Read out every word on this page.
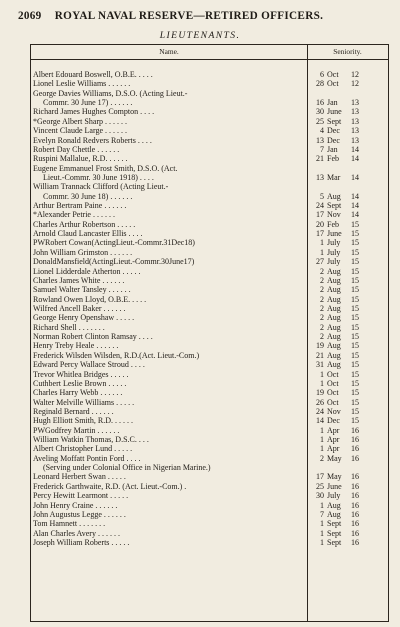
2069 ROYAL NAVAL RESERVE—RETIRED OFFICERS.
LIEUTENANTS.
Name.	Seniority.
Albert Edouard Boswell, O.B.E. . . . .	6 Oct 12
Lionel Leslie Williams . . . . . .	28 Oct 12
George Davies Williams, D.S.O. (Acting Lieut.-
Commr. 30 June 17) . . . . . .	16 Jan 13
Richard James Hughes Compton . . . .	30 June 13
*George Albert Sharp . . . . . .	25 Sept 13
Vincent Claude Large . . . . . .	4 Dec 13
Evelyn Ronald Redvers Roberts . . . .	13 Dec 13
Robert Day Chettle . . . . . .	7 Jan 14
Ruspini Mallalue, R.D. . . . . .	21 Feb 14
Eugene Emmanuel Frost Smith, D.S.O. (Act.
Lieut.-Commr. 30 June 1918) . . . .	13 Mar 14
William Trannack Clifford (Acting Lieut.-
Commr. 30 June 18) . . . . . .	5 Aug 14
Arthur Bertram Paine . . . . . .	24 Sept 14
*Alexander Petrie . . . . . .	17 Nov 14
Charles Arthur Robertson . . . . .	20 Feb 15
Arnold Claud Lancaster Ellis . . . .	17 June 15
PWRobert Cowan(ActingLieut.-Commr.31Dec18)	1 July 15
John William Grimston . . . . . .	1 July 15
DonaldMansfield(ActingLieut.-Commr.30June17)	27 July 15
Lionel Lidderdale Atherton . . . . .	2 Aug 15
Charles James White . . . . . .	2 Aug 15
Samuel Walter Tansley . . . . . .	2 Aug 15
Rowland Owen Lloyd, O.B.E. . . . .	2 Aug 15
Wilfred Ancell Baker . . . . . .	2 Aug 15
George Henry Openshaw . . . . .	2 Aug 15
Richard Shell . . . . . . .	2 Aug 15
Norman Robert Clinton Ramsay . . . .	2 Aug 15
Henry Treby Heale . . . . . .	19 Aug 15
Frederick Wilsden Wilsden, R.D.(Act. Lieut.-Com.)	21 Aug 15
Edward Percy Wallace Stroud . . . .	31 Aug 15
Trevor Whitlea Bridges . . . . .	1 Oct 15
Cuthbert Leslie Brown . . . . .	1 Oct 15
Charles Harry Webb . . . . . .	19 Oct 15
Walter Melville Williams . . . . .	26 Oct 15
Reginald Bernard . . . . . .	24 Nov 15
Hugh Elliott Smith, R.D. . . . . .	14 Dec 15
PWGodfrey Martin . . . . . .	1 Apr 16
William Watkin Thomas, D.S.C. . . .	1 Apr 16
Albert Christopher Lund . . . . .	1 Apr 16
Aveling Moffatt Pontin Ford . . . .	2 May 16
(Serving under Colonial Office in Nigerian Marine.)
Leonard Herbert Swan . . . . .	17 May 16
Frederick Garthwaite, R.D. (Act. Lieut.-Com.) .	25 June 16
Percy Hewitt Learmont . . . . .	30 July 16
John Henry Craine . . . . . .	1 Aug 16
John Augustus Legge . . . . . .	7 Aug 16
Tom Hamnett . . . . . . .	1 Sept 16
Alan Charles Avery . . . . . .	1 Sept 16
Joseph William Roberts . . . . .	1 Sept 16
